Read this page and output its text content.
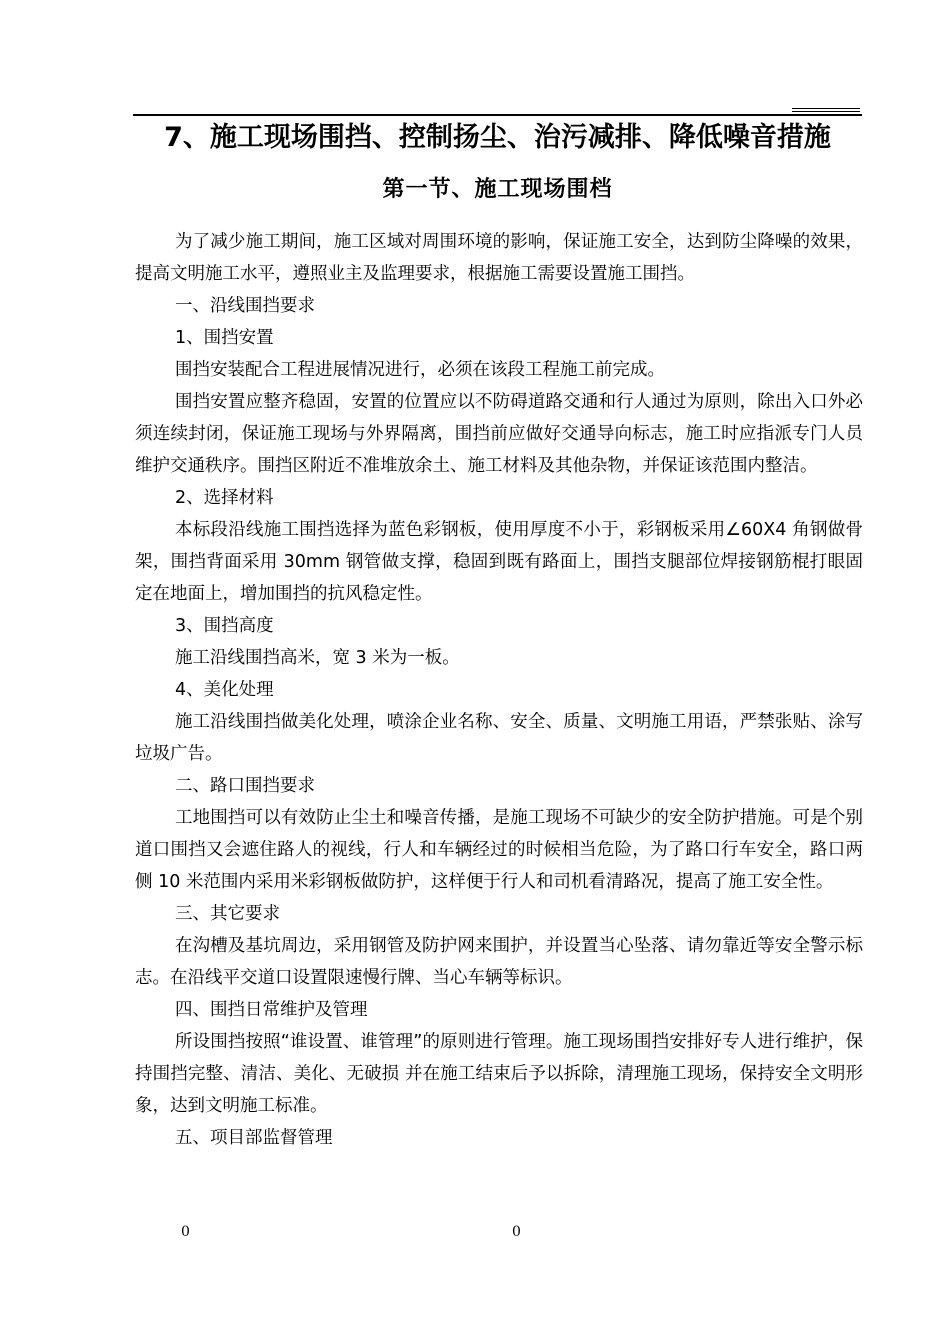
7、施工现场围挡、控制扬尘、治污减排、降低噪音措施
第一节、施工现场围档

为了减少施工期间，施工区域对周围环境的影响，保证施工安全，达到防尘降噪的效果，提高文明施工水平，遵照业主及监理要求，根据施工需要设置施工围挡。

一、沿线围挡要求

1、围挡安置

围挡安装配合工程进展情况进行，必须在该段工程施工前完成。

围挡安置应整齐稳固，安置的位置应以不防碍道路交通和行人通过为原则，除出入口外必须连续封闭，保证施工现场与外界隔离，围挡前应做好交通导向标志，施工时应指派专门人员维护交通秩序。围挡区附近不准堆放余土、施工材料及其他杂物，并保证该范围内整洁。

2、选择材料

本标段沿线施工围挡选择为蓝色彩钢板，使用厚度不小于，彩钢板采用∠60X4 角钢做骨架，围挡背面采用 30mm 钢管做支撑，稳固到既有路面上，围挡支腿部位焊接钢筋棍打眼固定在地面上，增加围挡的抗风稳定性。

3、围挡高度

施工沿线围挡高米，宽 3 米为一板。

4、美化处理

施工沿线围挡做美化处理，喷涂企业名称、安全、质量、文明施工用语，严禁张贴、涂写垃圾广告。

二、路口围挡要求

工地围挡可以有效防止尘土和噪音传播，是施工现场不可缺少的安全防护措施。可是个别道口围挡又会遮住路人的视线，行人和车辆经过的时候相当危险，为了路口行车安全，路口两侧 10 米范围内采用米彩钢板做防护，这样便于行人和司机看清路况，提高了施工安全性。

三、其它要求

在沟槽及基坑周边，采用钢管及防护网来围护，并设置当心坠落、请勿靠近等安全警示标志。在沿线平交道口设置限速慢行牌、当心车辆等标识。

四、围挡日常维护及管理

所设围挡按照“谁设置、谁管理”的原则进行管理。施工现场围挡安排好专人进行维护，保持围挡完整、清洁、美化、无破损 并在施工结束后予以拆除，清理施工现场，保持安全文明形象，达到文明施工标准。

五、项目部监督管理

0	0
